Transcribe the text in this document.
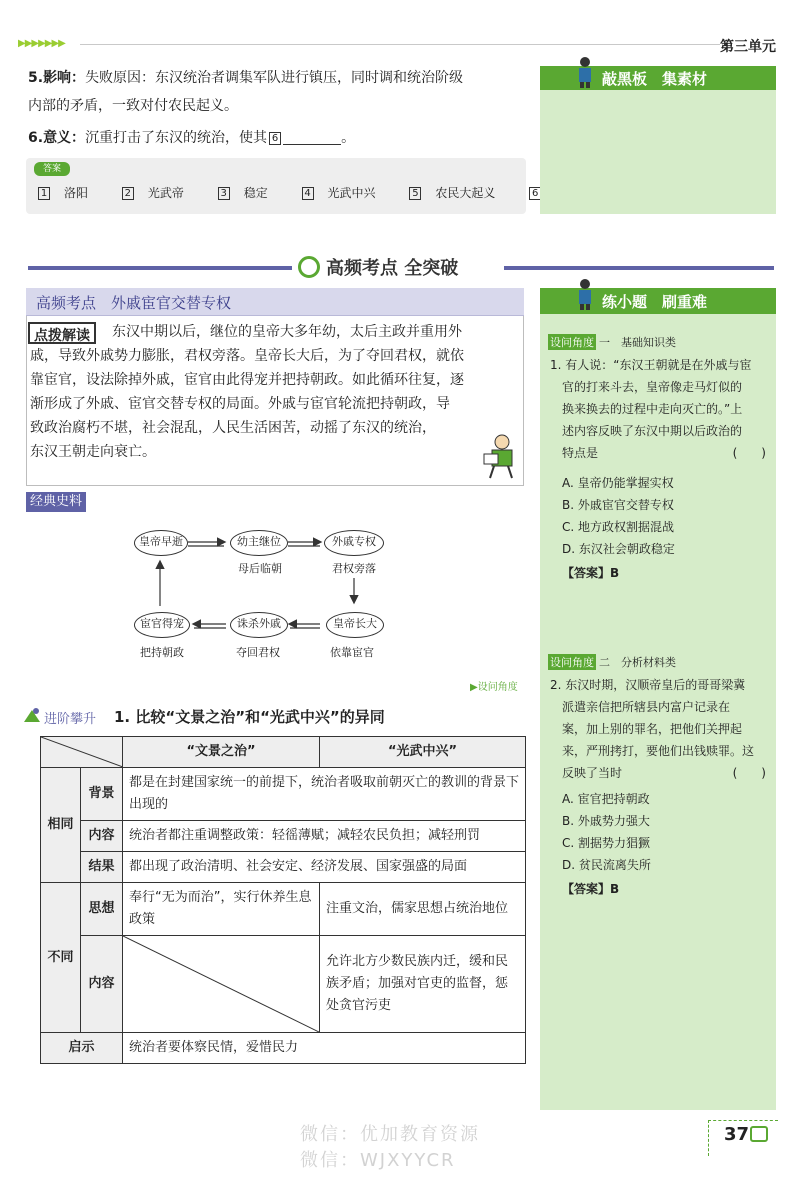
▶▶▶▶▶▶▶	第三单元
5.影响：失败原因：东汉统治者调集军队进行镇压，同时调和统治阶级
内部的矛盾，一致对付农民起义。
6.意义：沉重打击了东汉的统治，使其 6	。
答案
1 洛阳	2 光武帝	3 稳定	4 光武中兴	5 农民大起义	6
敲黑板　集素材
高频考点 全突破
高频考点　外戚宦官交替专权
点拨解读	东汉中期以后，继位的皇帝大多年幼，太后主政并重用外
戚，导致外戚势力膨胀，君权旁落。皇帝长大后，为了夺回君权，就依
靠宦官，设法除掉外戚，宦官由此得宠并把持朝政。如此循环往复，逐
渐形成了外戚、宦官交替专权的局面。外戚与宦官轮流把持朝政，导
致政治腐朽不堪，社会混乱，人民生活困苦，动摇了东汉的统治，
东汉王朝走向衰亡。
经典史料
皇帝早逝	幼主继位
母后临朝
外戚专权
君权旁落
皇帝长大
依靠宦官
诛杀外戚
夺回君权
宦官得宠
把持朝政
▶设问角度
进阶攀升 1. 比较“文景之治”和“光武中兴”的异同
	“文景之治”	“光武中兴”
相同	背景	都是在封建国家统一的前提下，统治者吸取前朝灭亡的教训的背景下出现的	
	内容	统治者都注重调整政策：轻徭薄赋；减轻农民负担；减轻刑罚	
	结果	都出现了政治清明、社会安定、经济发展、国家强盛的局面	
不同	思想	奉行“无为而治”，实行休养生息政策	注重文治，儒家思想占统治地位
	内容		允许北方少数民族内迁，缓和民族矛盾；加强对官吏的监督，惩处贪官污吏
启示		统治者要体察民情，爱惜民力	
练小题　刷重难
设问角度 一　基础知识类
1. 有人说：“东汉王朝就是在外戚与宦
官的打来斗去，皇帝像走马灯似的
换来换去的过程中走向灭亡的。”上
述内容反映了东汉中期以后政治的
特点是	(　　)
A. 皇帝仍能掌握实权
B. 外戚宦官交替专权
C. 地方政权割据混战
D. 东汉社会朝政稳定
【答案】B
设问角度 二　分析材料类
2. 东汉时期，汉顺帝皇后的哥哥梁冀
派遣亲信把所辖县内富户记录在
案，加上别的罪名，把他们关押起
来，严刑拷打，要他们出钱赎罪。这
反映了当时	(　　)
A. 宦官把持朝政
B. 外戚势力强大
C. 割据势力猖獗
D. 贫民流离失所
【答案】B
37
微信：优加教育资源
微信：WJXYYCR
